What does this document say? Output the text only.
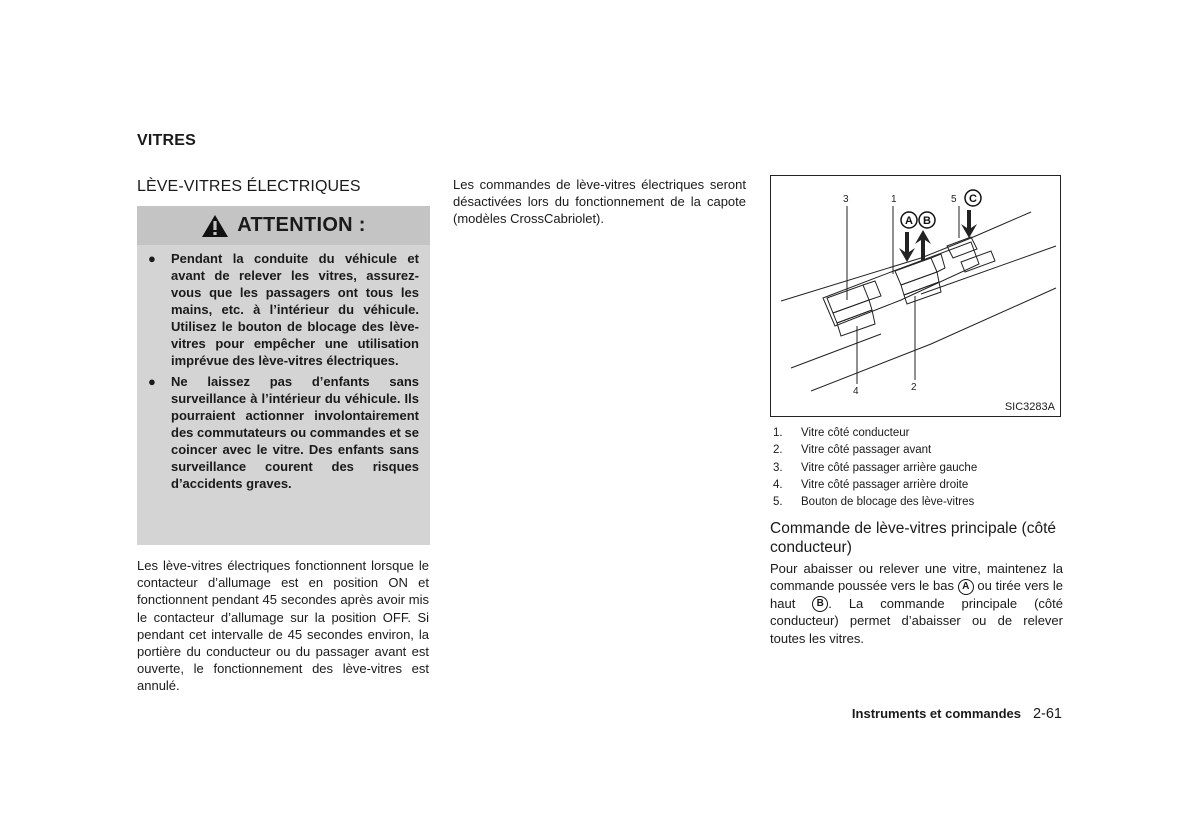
VITRES
LÈVE-VITRES ÉLECTRIQUES
ATTENTION :
● Pendant la conduite du véhicule et avant de relever les vitres, assurez-vous que les passagers ont tous les mains, etc. à l’intérieur du véhicule. Utilisez le bouton de blocage des lève-vitres pour empêcher une utilisation imprévue des lève-vitres électriques.
● Ne laissez pas d’enfants sans surveillance à l’intérieur du véhicule. Ils pourraient actionner involontairement des commutateurs ou commandes et se coincer avec le vitre. Des enfants sans surveillance courent des risques d’accidents graves.
Les lève-vitres électriques fonctionnent lorsque le contacteur d’allumage est en position ON et fonctionnent pendant 45 secondes après avoir mis le contacteur d’allumage sur la position OFF. Si pendant cet intervalle de 45 secondes environ, la portière du conducteur ou du passager avant est ouverte, le fonctionnement des lève-vitres est annulé.
Les commandes de lève-vitres électriques seront désactivées lors du fonctionnement de la capote (modèles CrossCabriolet).
3	1	5
4	2
A B
C
SIC3283A
1. Vitre côté conducteur
2. Vitre côté passager avant
3. Vitre côté passager arrière gauche
4. Vitre côté passager arrière droite
5. Bouton de blocage des lève-vitres
Commande de lève-vitres principale (côté conducteur)
Pour abaisser ou relever une vitre, maintenez la commande poussée vers le bas A ou tirée vers le haut B . La commande principale (côté conducteur) permet d’abaisser ou de relever toutes les vitres.
Instruments et commandes 2-61
